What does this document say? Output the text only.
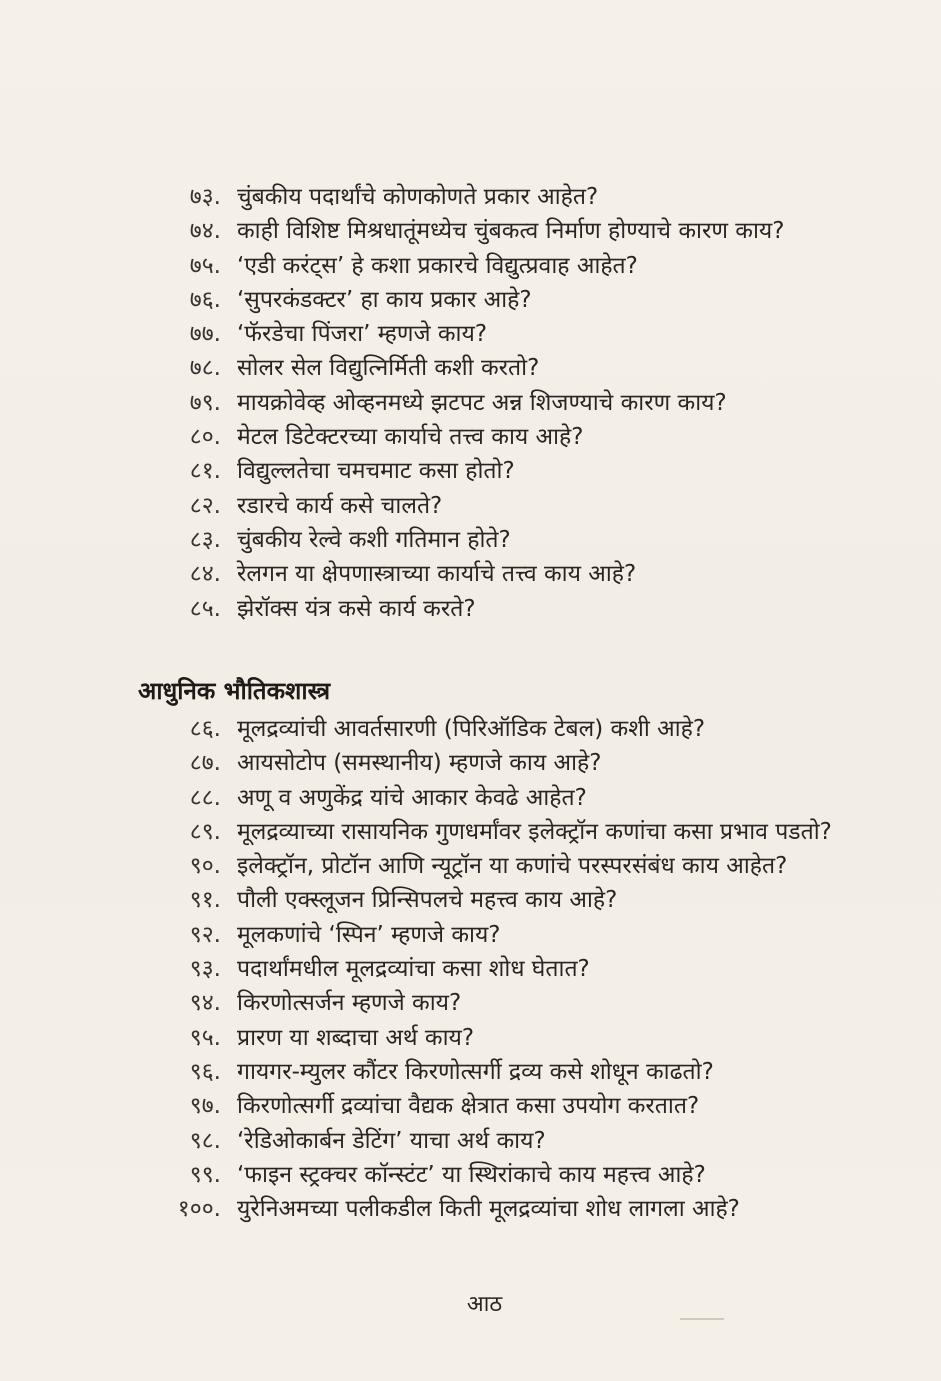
७३. चुंबकीय पदार्थांचे कोणकोणते प्रकार आहेत?
७४. काही विशिष्ट मिश्रधातूंमध्येच चुंबकत्व निर्माण होण्याचे कारण काय?
७५. ‘एडी करंट्स’ हे कशा प्रकारचे विद्युत्प्रवाह आहेत?
७६. ‘सुपरकंडक्टर’ हा काय प्रकार आहे?
७७. ‘फॅरडेचा पिंजरा’ म्हणजे काय?
७८. सोलर सेल विद्युत्निर्मिती कशी करतो?
७९. मायक्रोवेव्ह ओव्हनमध्ये झटपट अन्न शिजण्याचे कारण काय?
८०. मेटल डिटेक्टरच्या कार्याचे तत्त्व काय आहे?
८१. विद्युल्लतेचा चमचमाट कसा होतो?
८२. रडारचे कार्य कसे चालते?
८३. चुंबकीय रेल्वे कशी गतिमान होते?
८४. रेलगन या क्षेपणास्त्राच्या कार्याचे तत्त्व काय आहे?
८५. झेरॉक्स यंत्र कसे कार्य करते?
आधुनिक भौतिकशास्त्र
८६. मूलद्रव्यांची आवर्तसारणी (पिरिऑडिक टेबल) कशी आहे?
८७. आयसोटोप (समस्थानीय) म्हणजे काय आहे?
८८. अणू व अणुकेंद्र यांचे आकार केवढे आहेत?
८९. मूलद्रव्याच्या रासायनिक गुणधर्मांवर इलेक्ट्रॉन कणांचा कसा प्रभाव पडतो?
९०. इलेक्ट्रॉन, प्रोटॉन आणि न्यूट्रॉन या कणांचे परस्परसंबंध काय आहेत?
९१. पौली एक्स्लूजन प्रिन्सिपलचे महत्त्व काय आहे?
९२. मूलकणांचे ‘स्पिन’ म्हणजे काय?
९३. पदार्थांमधील मूलद्रव्यांचा कसा शोध घेतात?
९४. किरणोत्सर्जन म्हणजे काय?
९५. प्रारण या शब्दाचा अर्थ काय?
९६. गायगर-म्युलर कौंटर किरणोत्सर्गी द्रव्य कसे शोधून काढतो?
९७. किरणोत्सर्गी द्रव्यांचा वैद्यक क्षेत्रात कसा उपयोग करतात?
९८. ‘रेडिओकार्बन डेटिंग’ याचा अर्थ काय?
९९. ‘फाइन स्ट्रक्चर कॉन्स्टंट’ या स्थिरांकाचे काय महत्त्व आहे?
१००. युरेनिअमच्या पलीकडील किती मूलद्रव्यांचा शोध लागला आहे?
आठ
